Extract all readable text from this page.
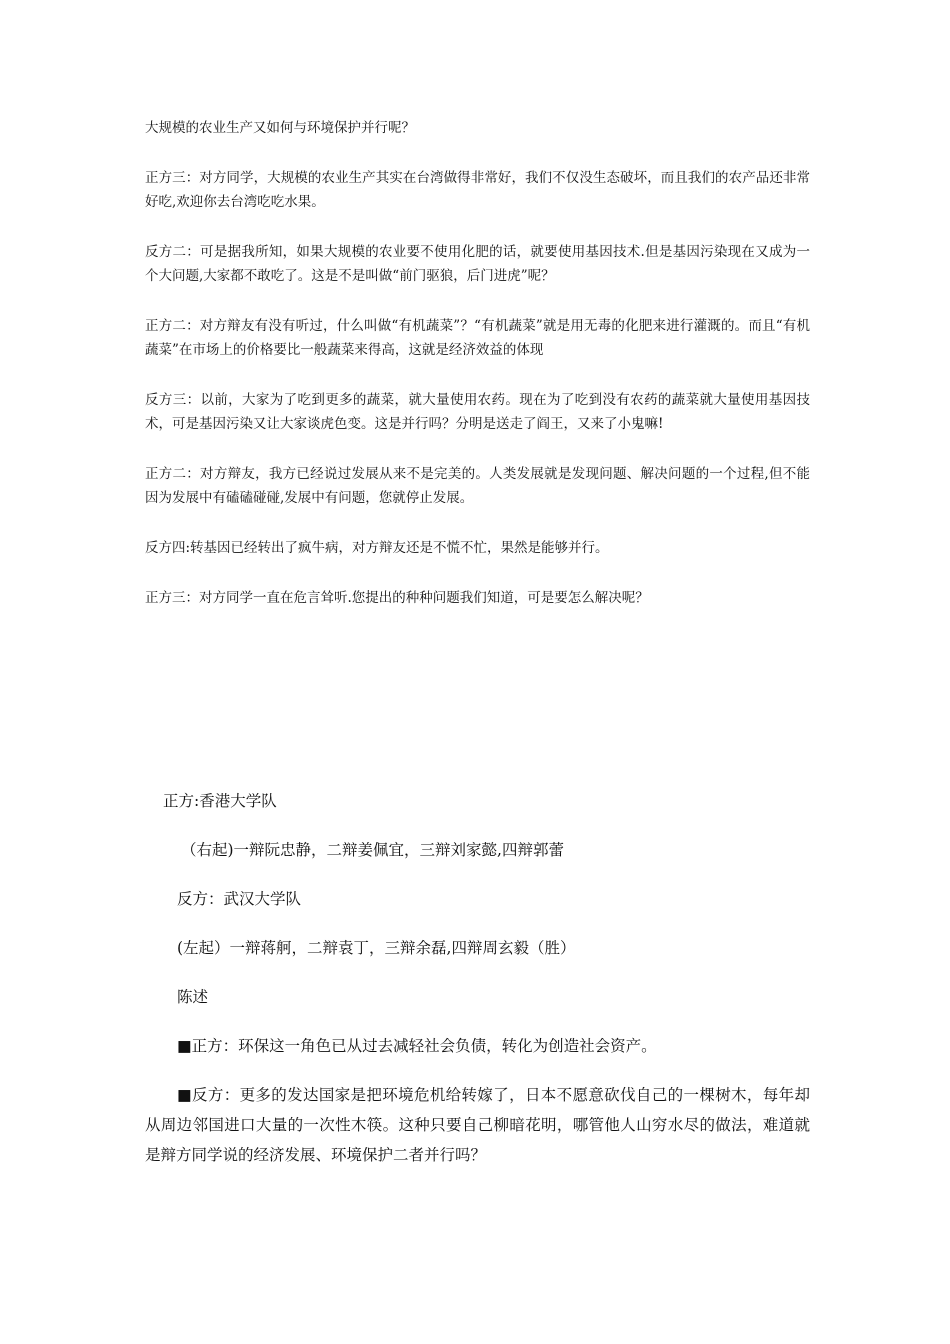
大规模的农业生产又如何与环境保护并行呢？

正方三：对方同学，大规模的农业生产其实在台湾做得非常好，我们不仅没生态破坏，而且我们的农产品还非常好吃,欢迎你去台湾吃吃水果。

反方二：可是据我所知，如果大规模的农业要不使用化肥的话，就要使用基因技术.但是基因污染现在又成为一个大问题,大家都不敢吃了。这是不是叫做“前门驱狼，后门进虎”呢？

正方二：对方辩友有没有听过，什么叫做“有机蔬菜”？“有机蔬菜”就是用无毒的化肥来进行灌溉的。而且“有机蔬菜”在市场上的价格要比一般蔬菜来得高，这就是经济效益的体现

反方三：以前，大家为了吃到更多的蔬菜，就大量使用农药。现在为了吃到没有农药的蔬菜就大量使用基因技术，可是基因污染又让大家谈虎色变。这是并行吗？分明是送走了阎王，又来了小鬼嘛!

正方二：对方辩友，我方已经说过发展从来不是完美的。人类发展就是发现问题、解决问题的一个过程,但不能因为发展中有磕磕碰碰,发展中有问题，您就停止发展。

反方四:转基因已经转出了疯牛病，对方辩友还是不慌不忙，果然是能够并行。

正方三：对方同学一直在危言耸听.您提出的种种问题我们知道，可是要怎么解决呢？

正方:香港大学队

（右起)一辩阮忠静，二辩姜佩宜，三辩刘家懿,四辩郭蕾

反方：武汉大学队

(左起）一辩蒋舸，二辩袁丁，三辩余磊,四辩周玄毅（胜）

陈述

■正方：环保这一角色已从过去减轻社会负债，转化为创造社会资产。

■反方：更多的发达国家是把环境危机给转嫁了，日本不愿意砍伐自己的一棵树木，每年却从周边邻国进口大量的一次性木筷。这种只要自己柳暗花明，哪管他人山穷水尽的做法，难道就是辩方同学说的经济发展、环境保护二者并行吗？
